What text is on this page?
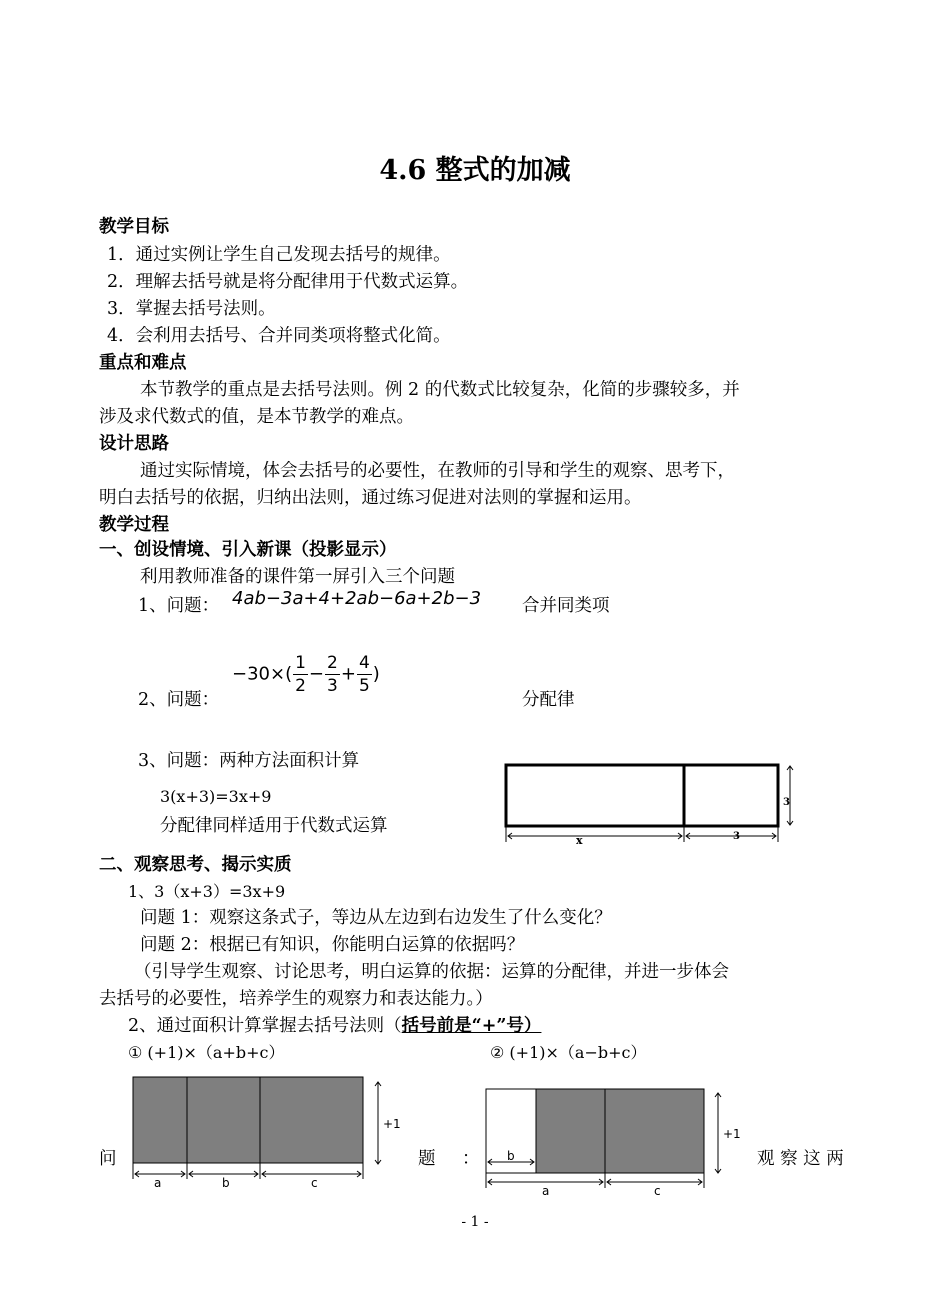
4.6 整式的加减
教学目标
1．通过实例让学生自己发现去括号的规律。
2．理解去括号就是将分配律用于代数式运算。
3．掌握去括号法则。
4．会利用去括号、合并同类项将整式化简。
重点和难点
本节教学的重点是去括号法则。例 2 的代数式比较复杂，化简的步骤较多，并
涉及求代数式的值，是本节教学的难点。
设计思路
通过实际情境，体会去括号的必要性，在教师的引导和学生的观察、思考下，
明白去括号的依据，归纳出法则，通过练习促进对法则的掌握和运用。
教学过程
一、创设情境、引入新课（投影显示）
利用教师准备的课件第一屏引入三个问题
1、问题： 4ab−3a+4+2ab−6a+2b−3 合并同类项
2、问题：
$-30\times( \frac{1}{2} - \frac{2}{3} + \frac{4}{5}$ )
分配律
3、问题：两种方法面积计算
3(x+3)=3x+9
分配律同样适用于代数式运算
x	3
3
二、观察思考、揭示实质
1、3（x+3）=3x+9
问题 1：观察这条式子，等边从左边到右边发生了什么变化？
问题 2：根据已有知识，你能明白运算的依据吗？
（引导学生观察、讨论思考，明白运算的依据：运算的分配律，并进一步体会
去括号的必要性，培养学生的观察力和表达能力。）
2、通过面积计算掌握去括号法则（括号前是“+”号）
① (+1)×（a+b+c）	② (+1)×（a−b+c）
+1
a	b	c
b
+1
a	c
问	题 ：	观 察 这 两
- 1 -
